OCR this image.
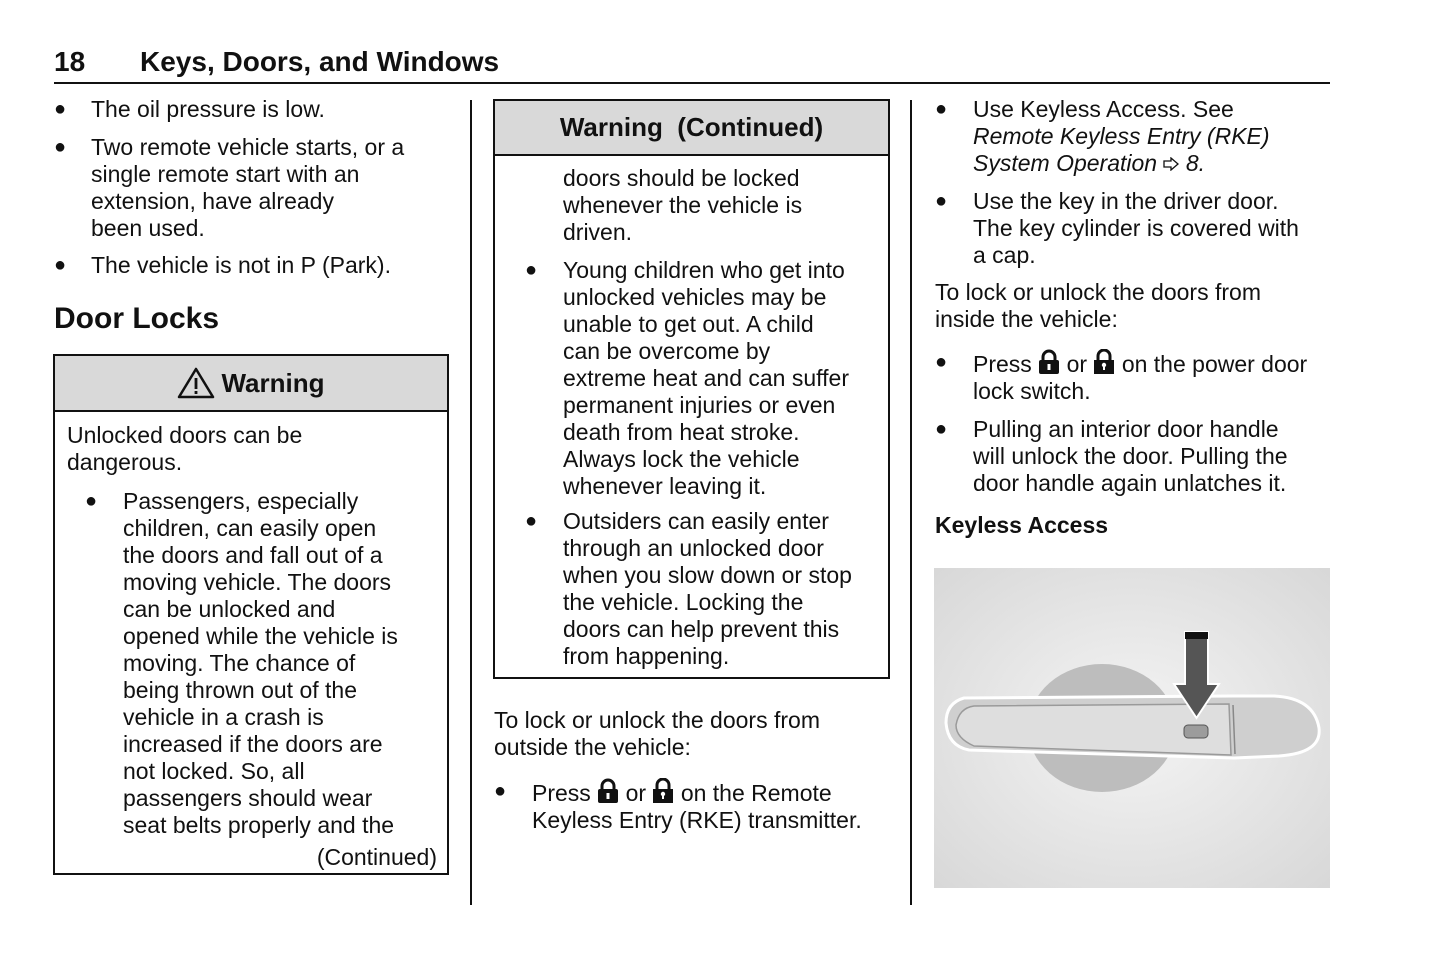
18 Keys, Doors, and Windows
● The oil pressure is low.
● Two remote vehicle starts, or a
single remote start with an
extension, have already
been used.
● The vehicle is not in P (Park).
Door Locks
Warning
Unlocked doors can be
dangerous.
● Passengers, especially
children, can easily open
the doors and fall out of a
moving vehicle. The doors
can be unlocked and
opened while the vehicle is
moving. The chance of
being thrown out of the
vehicle in a crash is
increased if the doors are
not locked. So, all
passengers should wear
seat belts properly and the
(Continued)
Warning  (Continued)
doors should be locked
whenever the vehicle is
driven.
● Young children who get into
unlocked vehicles may be
unable to get out. A child
can be overcome by
extreme heat and can suffer
permanent injuries or even
death from heat stroke.
Always lock the vehicle
whenever leaving it.
● Outsiders can easily enter
through an unlocked door
when you slow down or stop
the vehicle. Locking the
doors can help prevent this
from happening.
To lock or unlock the doors from
outside the vehicle:
● Press or on the Remote
Keyless Entry (RKE) transmitter.
● Use Keyless Access. See
Remote Keyless Entry (RKE)
System Operation 8.
● Use the key in the driver door.
The key cylinder is covered with
a cap.
To lock or unlock the doors from
inside the vehicle:
● Press or on the power door
lock switch.
● Pulling an interior door handle
will unlock the door. Pulling the
door handle again unlatches it.
Keyless Access
